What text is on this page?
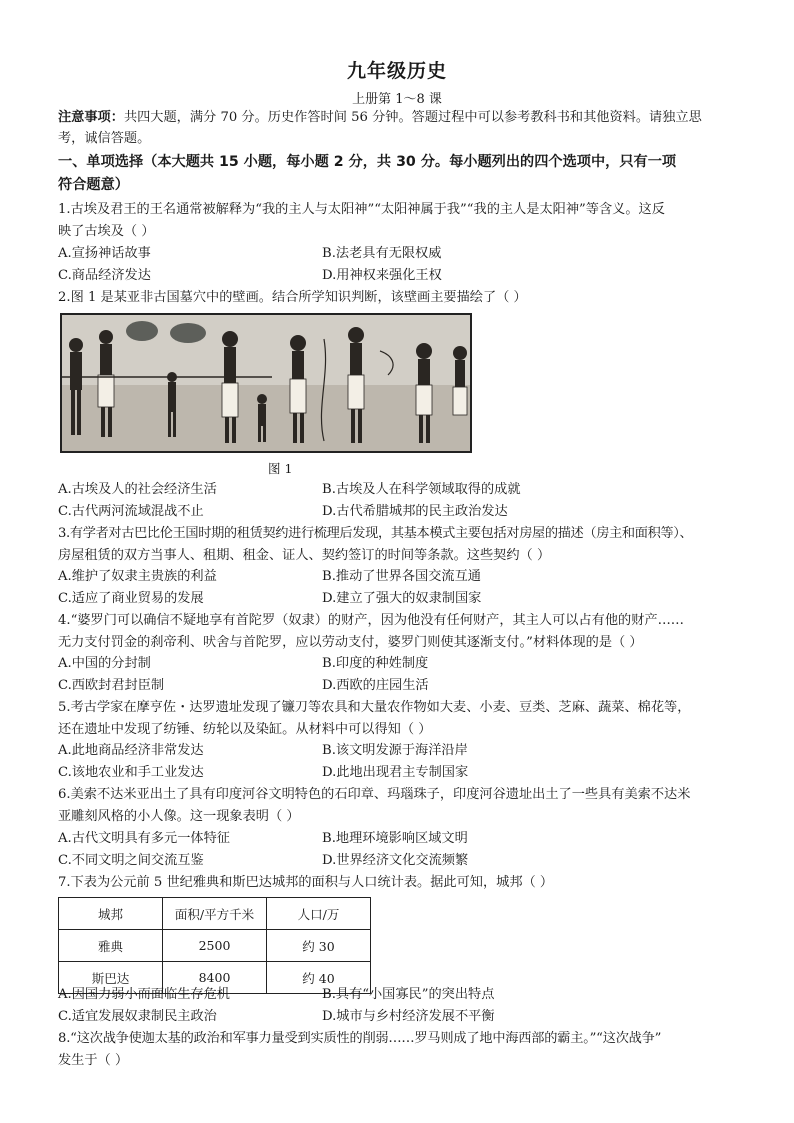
九年级历史
上册第 1～8 课
注意事项：共四大题，满分 70 分。历史作答时间 56 分钟。答题过程中可以参考教科书和其他资料。请独立思
考，诚信答题。
一、单项选择（本大题共 15 小题，每小题 2 分，共 30 分。每小题列出的四个选项中，只有一项
符合题意）
1.古埃及君王的王名通常被解释为“我的主人与太阳神”“太阳神属于我”“我的主人是太阳神”等含义。这反
映了古埃及（ ）
A.宣扬神话故事	B.法老具有无限权威
C.商品经济发达	D.用神权来强化王权
2.图 1 是某亚非古国墓穴中的壁画。结合所学知识判断，该壁画主要描绘了（ ）
图 1
A.古埃及人的社会经济生活	B.古埃及人在科学领域取得的成就
C.古代两河流域混战不止	D.古代希腊城邦的民主政治发达
3.有学者对古巴比伦王国时期的租赁契约进行梳理后发现，其基本模式主要包括对房屋的描述（房主和面积等）、
房屋租赁的双方当事人、租期、租金、证人、契约签订的时间等条款。这些契约（ ）
A.维护了奴隶主贵族的利益	B.推动了世界各国交流互通
C.适应了商业贸易的发展	D.建立了强大的奴隶制国家
4.“婆罗门可以确信不疑地享有首陀罗（奴隶）的财产，因为他没有任何财产，其主人可以占有他的财产……
无力支付罚金的刹帝利、吠舍与首陀罗，应以劳动支付，婆罗门则使其逐渐支付。”材料体现的是（ ）
A.中国的分封制	B.印度的种姓制度
C.西欧封君封臣制	D.西欧的庄园生活
5.考古学家在摩亨佐・达罗遗址发现了镰刀等农具和大量农作物如大麦、小麦、豆类、芝麻、蔬菜、棉花等，
还在遗址中发现了纺锤、纺轮以及染缸。从材料中可以得知（ ）
A.此地商品经济非常发达	B.该文明发源于海洋沿岸
C.该地农业和手工业发达	D.此地出现君主专制国家
6.美索不达米亚出土了具有印度河谷文明特色的石印章、玛瑙珠子，印度河谷遗址出土了一些具有美索不达米
亚雕刻风格的小人像。这一现象表明（ ）
A.古代文明具有多元一体特征	B.地理环境影响区域文明
C.不同文明之间交流互鉴	D.世界经济文化交流频繁
7.下表为公元前 5 世纪雅典和斯巴达城邦的面积与人口统计表。据此可知，城邦（ ）
城邦	面积/平方千米	人口/万
雅典	2500	约 30
斯巴达	8400	约 40
A.因国力弱小而面临生存危机	B.具有“小国寡民”的突出特点
C.适宜发展奴隶制民主政治	D.城市与乡村经济发展不平衡
8.“这次战争使迦太基的政治和军事力量受到实质性的削弱……罗马则成了地中海西部的霸主。”“这次战争”
发生于（ ）
